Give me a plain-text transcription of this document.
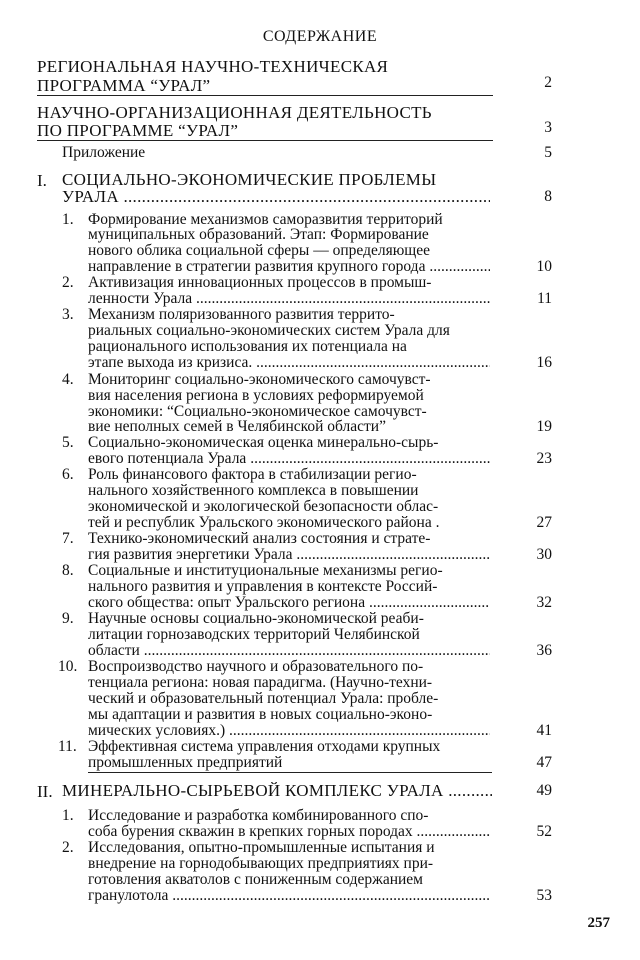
СОДЕРЖАНИЕ
РЕГИОНАЛЬНАЯ НАУЧНО-ТЕХНИЧЕСКАЯ
ПРОГРАММА “УРАЛ”	2
НАУЧНО-ОРГАНИЗАЦИОННАЯ ДЕЯТЕЛЬНОСТЬ
ПО ПРОГРАММЕ “УРАЛ”	3
Приложение	5
I. СОЦИАЛЬНО-ЭКОНОМИЧЕСКИЕ ПРОБЛЕМЫ
УРАЛА .....	8
1. Формирование механизмов саморазвития территорий
муниципальных образований. Этап: Формирование
нового облика социальной сферы — определяющее
направление в стратегии развития крупного города .....	10
2. Активизация инновационных процессов в промыш-
ленности Урала .....	11
3. Механизм поляризованного развития террито-
риальных социально-экономических систем Урала для
рационального использования их потенциала на
этапе выхода из кризиса. .....	16
4. Мониторинг социально-экономического самочувст-
вия населения региона в условиях реформируемой
экономики: “Социально-экономическое самочувст-
вие неполных семей в Челябинской области”	19
5. Социально-экономическая оценка минерально-сырь-
евого потенциала Урала .....	23
6. Роль финансового фактора в стабилизации регио-
нального хозяйственного комплекса в повышении
экономической и экологической безопасности облас-
тей и республик Уральского экономического района .	27
7. Технико-экономический анализ состояния и страте-
гия развития энергетики Урала .....	30
8. Социальные и институциональные механизмы регио-
нального развития и управления в контексте Россий-
ского общества: опыт Уральского региона .....	32
9. Научные основы социально-экономической реаби-
литации горнозаводских территорий Челябинской
области .....	36
10. Воспроизводство научного и образовательного по-
тенциала региона: новая парадигма. (Научно-техни-
ческий и образовательный потенциал Урала: пробле-
мы адаптации и развития в новых социально-эконо-
мических условиях.) .....	41
11. Эффективная система управления отходами крупных
промышленных предприятий	47
II. МИНЕРАЛЬНО-СЫРЬЕВОЙ КОМПЛЕКС УРАЛА .....	49
1. Исследование и разработка комбинированного спо-
соба бурения скважин в крепких горных породах .....	52
2. Исследования, опытно-промышленные испытания и
внедрение на горнодобывающих предприятиях при-
готовления акватолов с пониженным содержанием
гранулотола .....	53
257
